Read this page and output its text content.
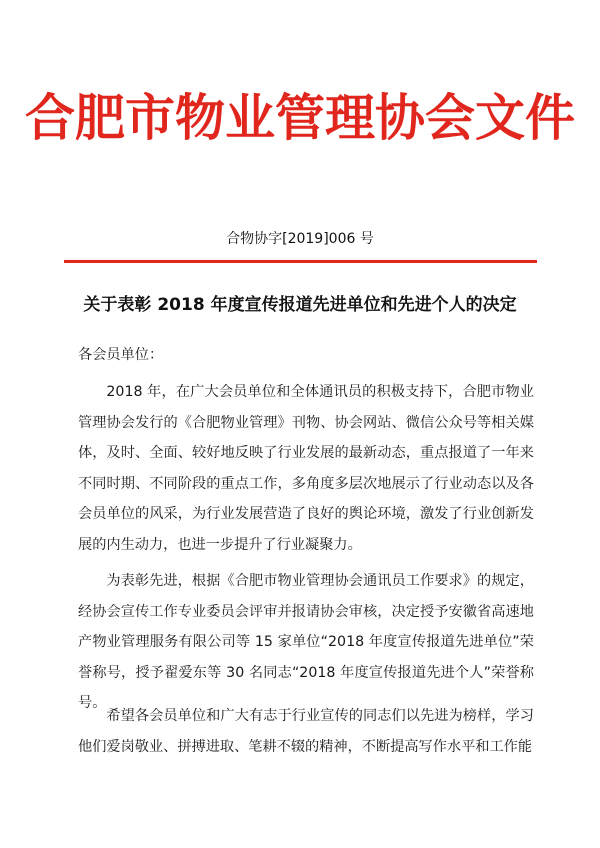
合肥市物业管理协会文件
合物协字[2019]006 号
关于表彰 2018 年度宣传报道先进单位和先进个人的决定
各会员单位：
2018 年，在广大会员单位和全体通讯员的积极支持下，合肥市物业管理协会发行的《合肥物业管理》刊物、协会网站、微信公众号等相关媒体，及时、全面、较好地反映了行业发展的最新动态，重点报道了一年来不同时期、不同阶段的重点工作，多角度多层次地展示了行业动态以及各会员单位的风采，为行业发展营造了良好的舆论环境，激发了行业创新发展的内生动力，也进一步提升了行业凝聚力。
为表彰先进，根据《合肥市物业管理协会通讯员工作要求》的规定，经协会宣传工作专业委员会评审并报请协会审核，决定授予安徽省高速地产物业管理服务有限公司等 15 家单位“2018 年度宣传报道先进单位”荣誉称号，授予翟爱东等 30 名同志“2018 年度宣传报道先进个人”荣誉称号。
希望各会员单位和广大有志于行业宣传的同志们以先进为榜样，学习他们爱岗敬业、拼搏进取、笔耕不辍的精神，不断提高写作水平和工作能
